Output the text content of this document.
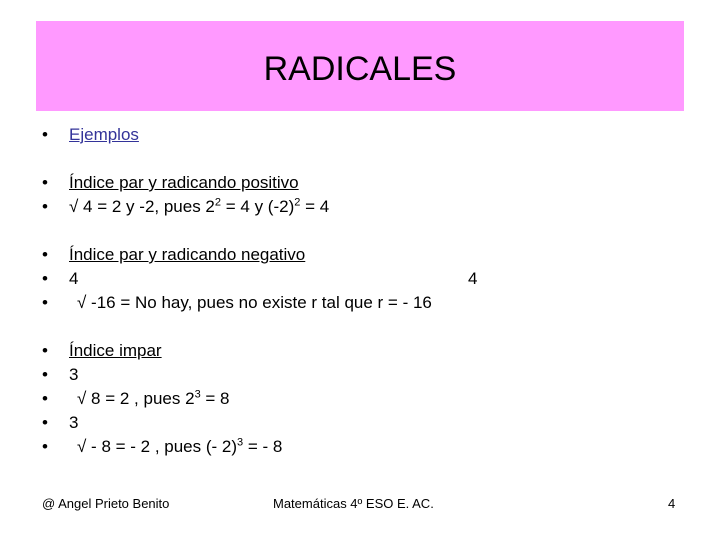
RADICALES

•

	Ejemplos

•

	Índice par y radicando positivo

•

	√ 4 = 2 y -2, pues $2^2 = 4$ y $(-2)^2 = 4$

•

	Índice par y radicando negativo

•

	4

	4

•

	√ -16 = No hay, pues no existe r tal que r = - 16

•

	Índice impar

•

	3

•

	√ 8 = 2 , pues $2^3 = 8$

•

	3

•

	√ - 8 = - 2 , pues (- 2)$^3$ = - 8

@ Angel Prieto Benito	Matemáticas 4º ESO E. AC.	4
